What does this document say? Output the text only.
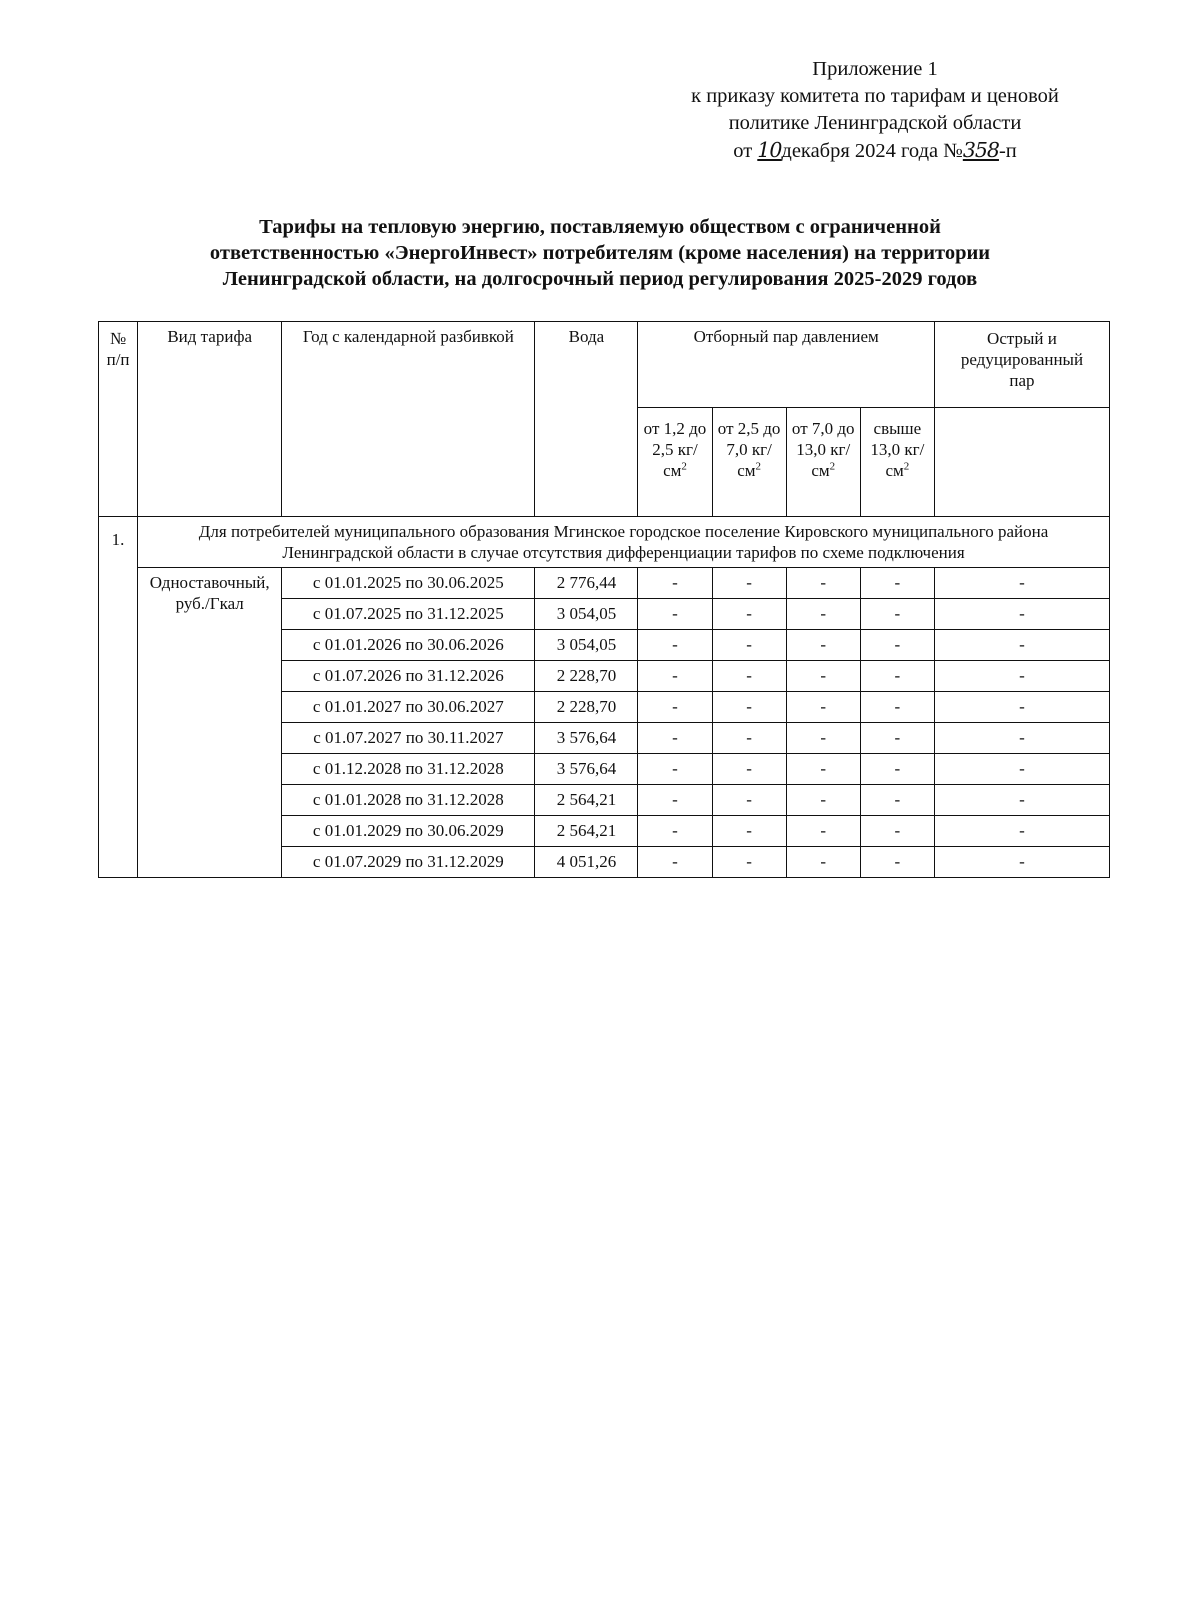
Приложение 1
к приказу комитета по тарифам и ценовой
политике Ленинградской области
от 10декабря 2024 года №358-п
Тарифы на тепловую энергию, поставляемую обществом с ограниченной
ответственностью «ЭнергоИнвест» потребителям (кроме населения) на территории
Ленинградской области, на долгосрочный период регулирования 2025-2029 годов
№ п/п	Вид тарифа	Год с календарной разбивкой	Вода	Отборный пар давлением				Острый и редуцированный пар
				от 1,2 до 2,5 $кг/см^2$	от 2,5 до 7,0 $кг/см^2$	от 7,0 до 13,0 $кг/см^2$	свыше 13,0 $кг/см^2$	
1.	Для потребителей муниципального образования Мгинское городское поселение Кировского муниципального района Ленинградской области в случае отсутствия дифференциации тарифов по схеме подключения							
	Одноставочный, руб./Гкал	с 01.01.2025 по 30.06.2025	2 776,44	-	-	-	-	-
		с 01.07.2025 по 31.12.2025	3 054,05	-	-	-	-	-
		с 01.01.2026 по 30.06.2026	3 054,05	-	-	-	-	-
		с 01.07.2026 по 31.12.2026	2 228,70	-	-	-	-	-
		с 01.01.2027 по 30.06.2027	2 228,70	-	-	-	-	-
		с 01.07.2027 по 30.11.2027	3 576,64	-	-	-	-	-
		с 01.12.2028 по 31.12.2028	3 576,64	-	-	-	-	-
		с 01.01.2028 по 31.12.2028	2 564,21	-	-	-	-	-
		с 01.01.2029 по 30.06.2029	2 564,21	-	-	-	-	-
		с 01.07.2029 по 31.12.2029	4 051,26	-	-	-	-	-
